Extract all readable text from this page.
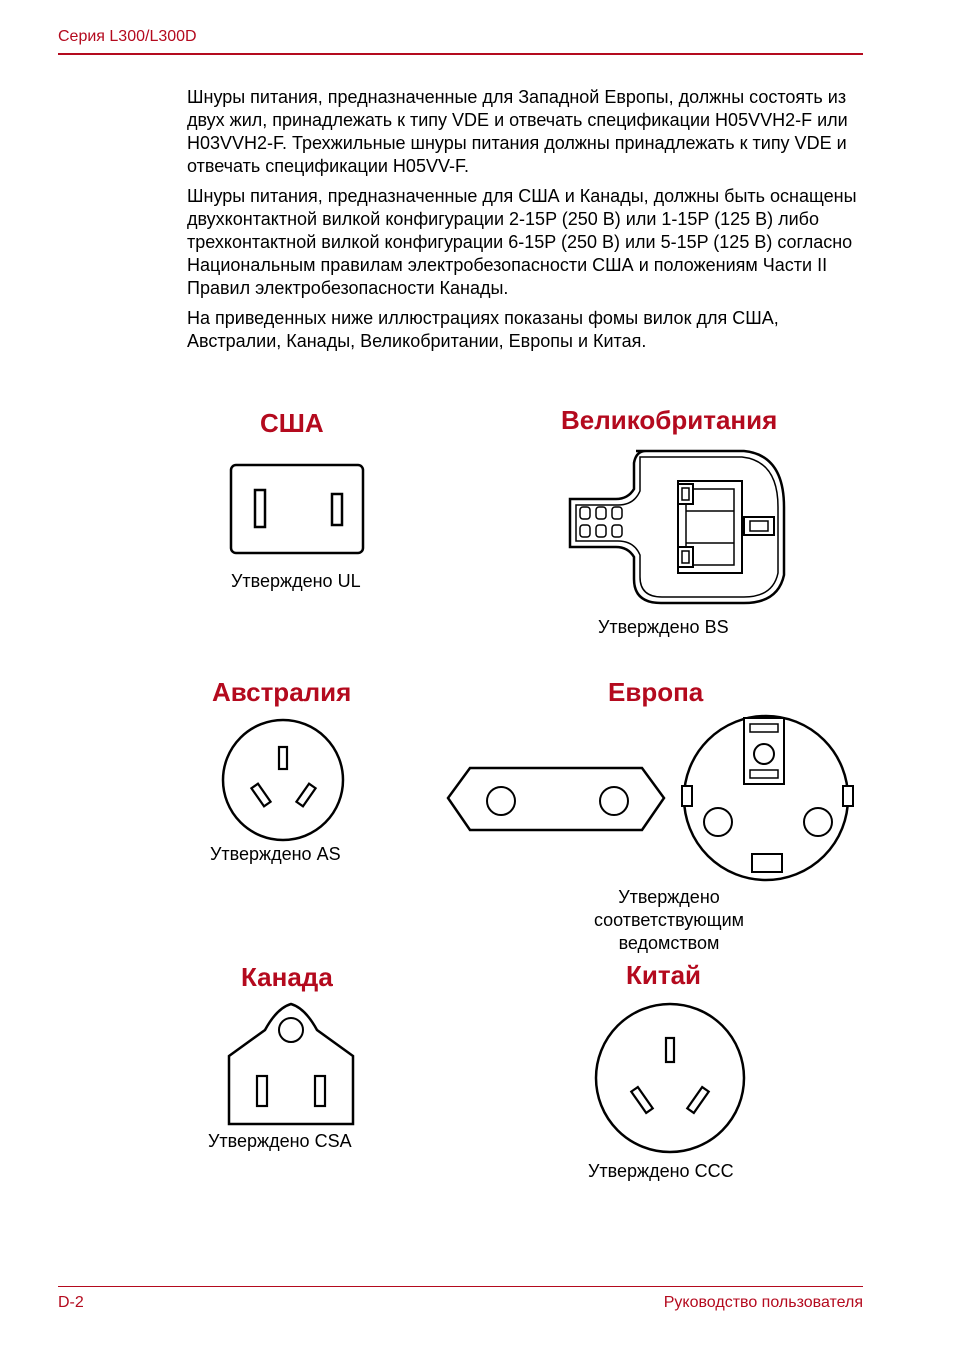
Серия L300/L300D

Шнуры питания, предназначенные для Западной Европы, должны состоять из двух жил, принадлежать к типу VDE и отвечать спецификации H05VVH2-F или H03VVH2-F. Трехжильные шнуры питания должны принадлежать к типу VDE и отвечать спецификации H05VV-F.

Шнуры питания, предназначенные для США и Канады, должны быть оснащены двухконтактной вилкой конфигурации 2-15P (250 В) или 1-15P (125 В) либо трехконтактной вилкой конфигурации 6-15P (250 В) или 5-15P (125 В) согласно Национальным правилам электробезопасности США и положениям Части II Правил электробезопасности Канады.

На приведенных ниже иллюстрациях показаны фомы вилок для США, Австралии, Канады, Великобритании, Европы и Китая.

США
Утверждено UL
Великобритания
Утверждено BS
Австралия
Утверждено AS
Европа
Утверждено соответствующим ведомством
Канада
Утверждено CSA
Китай
Утверждено CCC
D-2	Руководство пользователя
